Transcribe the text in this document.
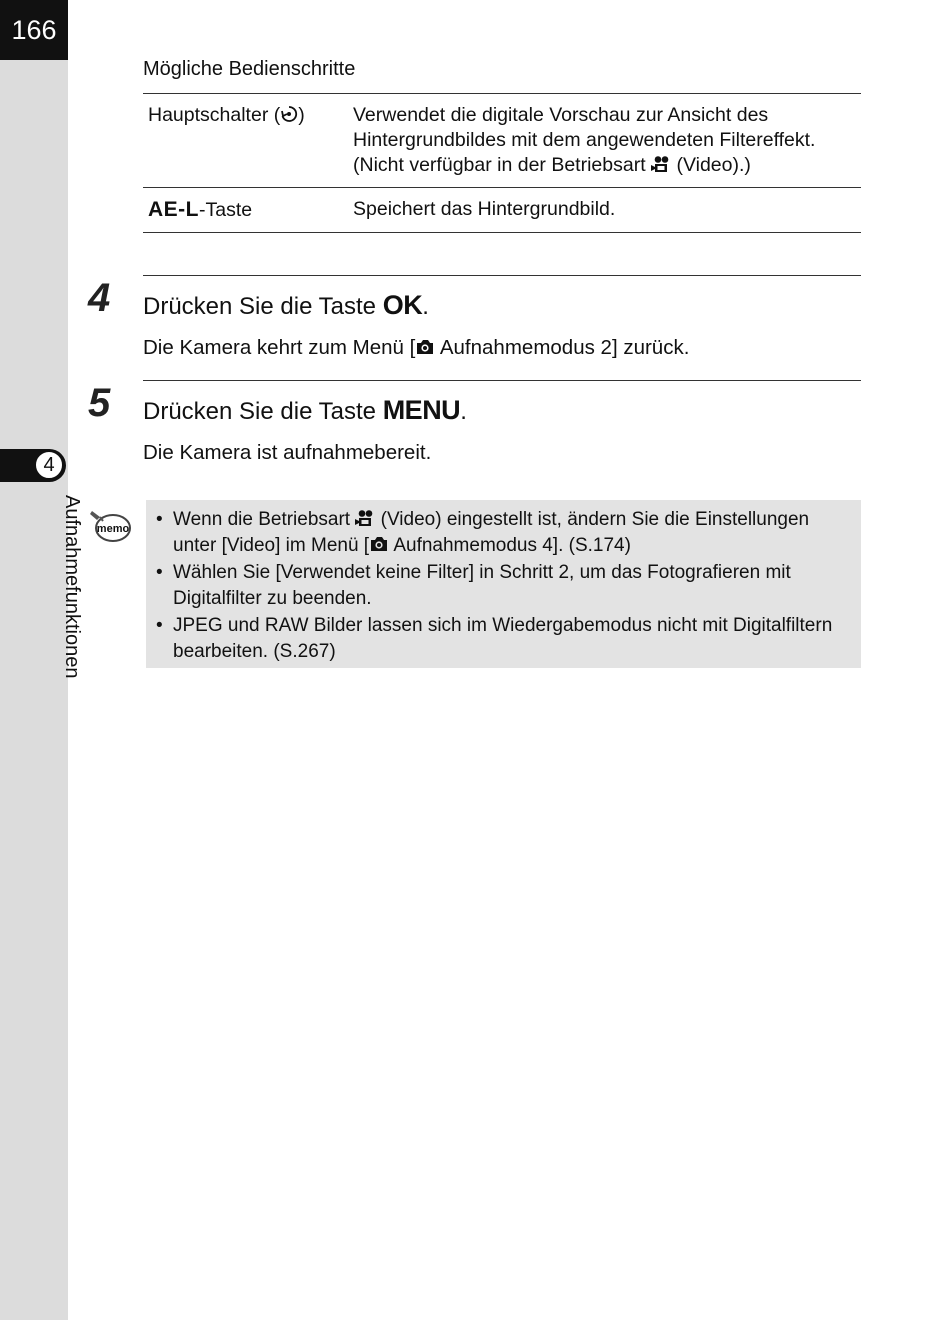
166
4
Aufnahmefunktionen
Mögliche Bedienschritte
Hauptschalter ( )	Verwendet die digitale Vorschau zur Ansicht des Hintergrundbildes mit dem angewendeten Filtereffekt. (Nicht verfügbar in der Betriebsart  (Video).)
AE-L-Taste	Speichert das Hintergrundbild.
4 Drücken Sie die Taste OK.
Die Kamera kehrt zum Menü [ Aufnahmemodus 2] zurück.
5 Drücken Sie die Taste MENU.
Die Kamera ist aufnahmebereit.
memo • Wenn die Betriebsart  (Video) eingestellt ist, ändern Sie die Einstellungen unter [Video] im Menü [ Aufnahmemodus 4]. (S.174)
• Wählen Sie [Verwendet keine Filter] in Schritt 2, um das Fotografieren mit Digitalfilter zu beenden.
• JPEG und RAW Bilder lassen sich im Wiedergabemodus nicht mit Digitalfiltern bearbeiten. (S.267)
